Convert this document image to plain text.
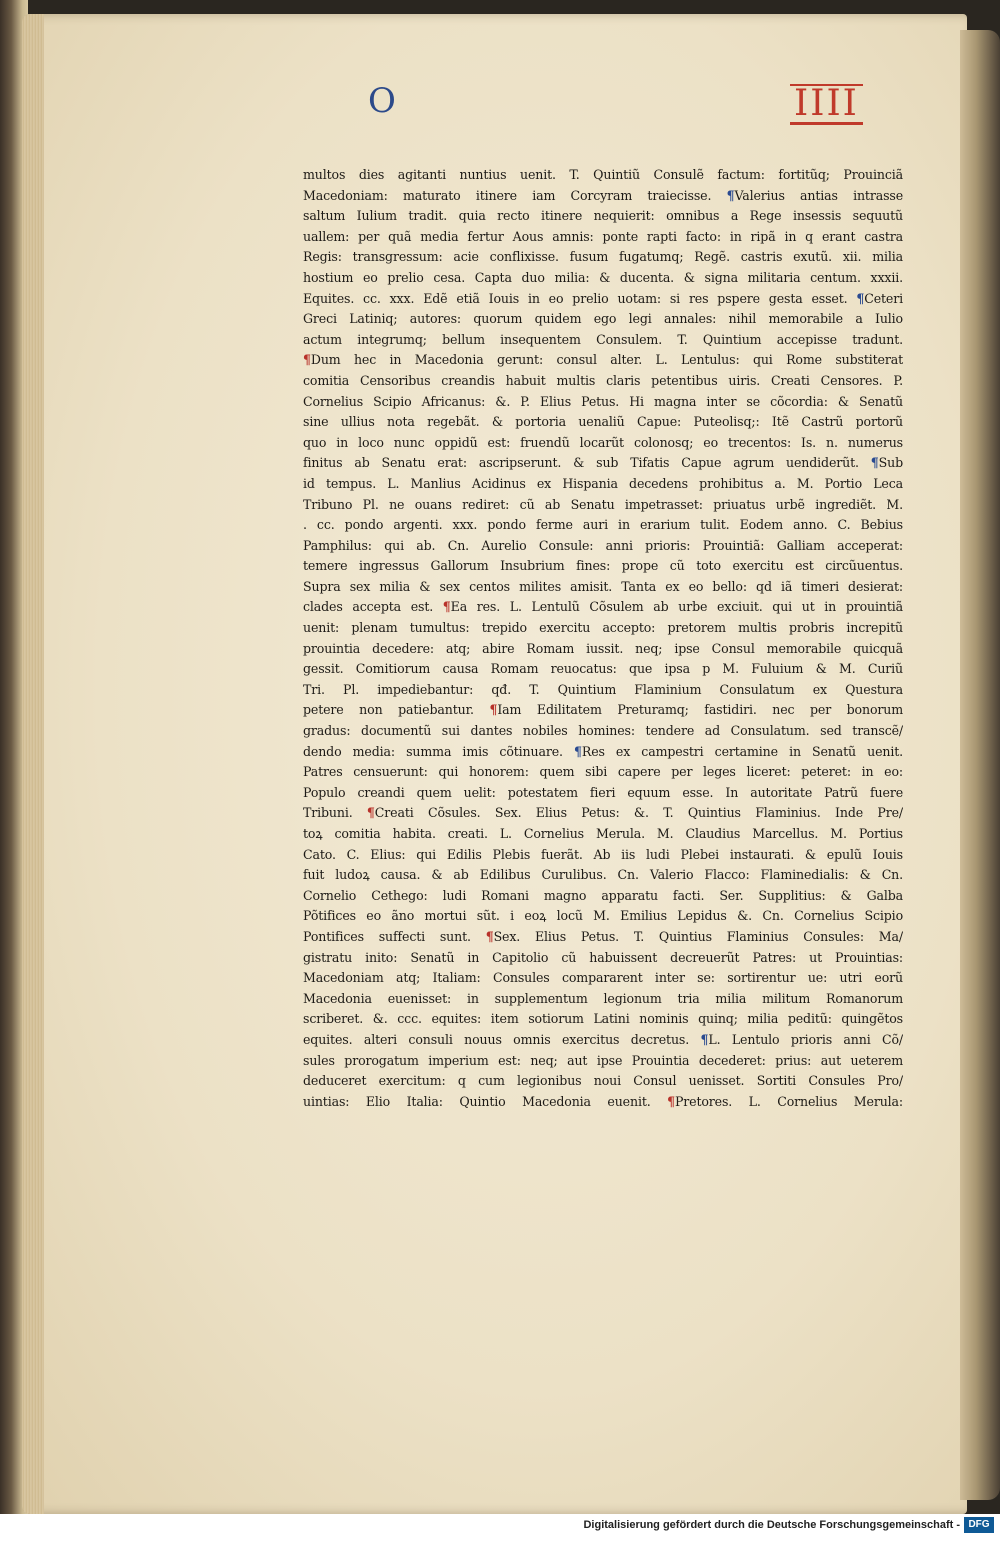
O	IIII
multos dies agitanti nuntius uenit. T. Quintiũ Consulẽ factum: fortitũq; Prouinciã
Macedoniam: maturato itinere iam Corcyram traiecisse. ¶Valerius antias intrasse
saltum Iulium tradit. quia recto itinere nequierit: omnibus a Rege insessis sequutũ
uallem: per quã media fertur Aous amnis: ponte rapti facto: in ripã in q erant castra
Regis: transgressum: acie conflixisse. fusum fugatumq; Regẽ. castris exutũ. xii. milia
hostium eo prelio cesa. Capta duo milia: & ducenta. & signa militaria centum. xxxii.
Equites. cc. xxx. Edẽ etiã Iouis in eo prelio uotam: si res pspere gesta esset. ¶Ceteri
Greci Latiniq; autores: quorum quidem ego legi annales: nihil memorabile a Iulio
actum integrumq; bellum insequentem Consulem. T. Quintium accepisse tradunt.
¶Dum hec in Macedonia gerunt: consul alter. L. Lentulus: qui Rome substiterat
comitia Censoribus creandis habuit multis claris petentibus uiris. Creati Censores. P.
Cornelius Scipio Africanus: &. P. Elius Petus. Hi magna inter se cõcordia: & Senatũ
sine ullius nota regebãt. & portoria uenaliũ Capue: Puteolisq;: Itẽ Castrũ portorũ
quo in loco nunc oppidũ est: fruendũ locarũt colonosq; eo trecentos: Is. n. numerus
finitus ab Senatu erat: ascripserunt. & sub Tifatis Capue agrum uendiderũt. ¶Sub
id tempus. L. Manlius Acidinus ex Hispania decedens prohibitus a. M. Portio Leca
Tribuno Pl. ne ouans rediret: cũ ab Senatu impetrasset: priuatus urbẽ ingrediẽt. M.
. cc. pondo argenti. xxx. pondo ferme auri in erarium tulit. Eodem anno. C. Bebius
Pamphilus: qui ab. Cn. Aurelio Consule: anni prioris: Prouintiã: Galliam acceperat:
temere ingressus Gallorum Insubrium fines: prope cũ toto exercitu est circũuentus.
Supra sex milia & sex centos milites amisit. Tanta ex eo bello: qd iã timeri desierat:
clades accepta est. ¶Ea res. L. Lentulũ Cõsulem ab urbe exciuit. qui ut in prouintiã
uenit: plenam tumultus: trepido exercitu accepto: pretorem multis probris increpitũ
prouintia decedere: atq; abire Romam iussit. neq; ipse Consul memorabile quicquã
gessit. Comitiorum causa Romam reuocatus: que ipsa p M. Fuluium & M. Curiũ
Tri. Pl. impediebantur: qđ. T. Quintium Flaminium Consulatum ex Questura
petere non patiebantur. ¶Iam Edilitatem Preturamq; fastidiri. nec per bonorum
gradus: documentũ sui dantes nobiles homines: tendere ad Consulatum. sed transcẽ/
dendo media: summa imis cõtinuare. ¶Res ex campestri certamine in Senatũ uenit.
Patres censuerunt: qui honorem: quem sibi capere per leges liceret: peteret: in eo:
Populo creandi quem uelit: potestatem fieri equum esse. In autoritate Patrũ fuere
Tribuni. ¶Creati Cõsules. Sex. Elius Petus: &. T. Quintius Flaminius. Inde Pre/
toꝝ comitia habita. creati. L. Cornelius Merula. M. Claudius Marcellus. M. Portius
Cato. C. Elius: qui Edilis Plebis fuerãt. Ab iis ludi Plebei instaurati. & epulũ Iouis
fuit ludoꝝ causa. & ab Edilibus Curulibus. Cn. Valerio Flacco: Flaminedialis: & Cn.
Cornelio Cethego: ludi Romani magno apparatu facti. Ser. Supplitius: & Galba
Põtifices eo ãno mortui sũt. i eoꝝ locũ M. Emilius Lepidus &. Cn. Cornelius Scipio
Pontifices suffecti sunt. ¶Sex. Elius Petus. T. Quintius Flaminius Consules: Ma/
gistratu inito: Senatũ in Capitolio cũ habuissent decreuerũt Patres: ut Prouintias:
Macedoniam atq; Italiam: Consules compararent inter se: sortirentur ue: utri eorũ
Macedonia euenisset: in supplementum legionum tria milia militum Romanorum
scriberet. &. ccc. equites: item sotiorum Latini nominis quinq; milia peditũ: quingẽtos
equites. alteri consuli nouus omnis exercitus decretus. ¶L. Lentulo prioris anni Cõ/
sules prorogatum imperium est: neq; aut ipse Prouintia decederet: prius: aut ueterem
deduceret exercitum: q cum legionibus noui Consul uenisset. Sortiti Consules Pro/
uintias: Elio Italia: Quintio Macedonia euenit. ¶Pretores. L. Cornelius Merula:
Digitalisierung gefördert durch die Deutsche Forschungsgemeinschaft - DFG
